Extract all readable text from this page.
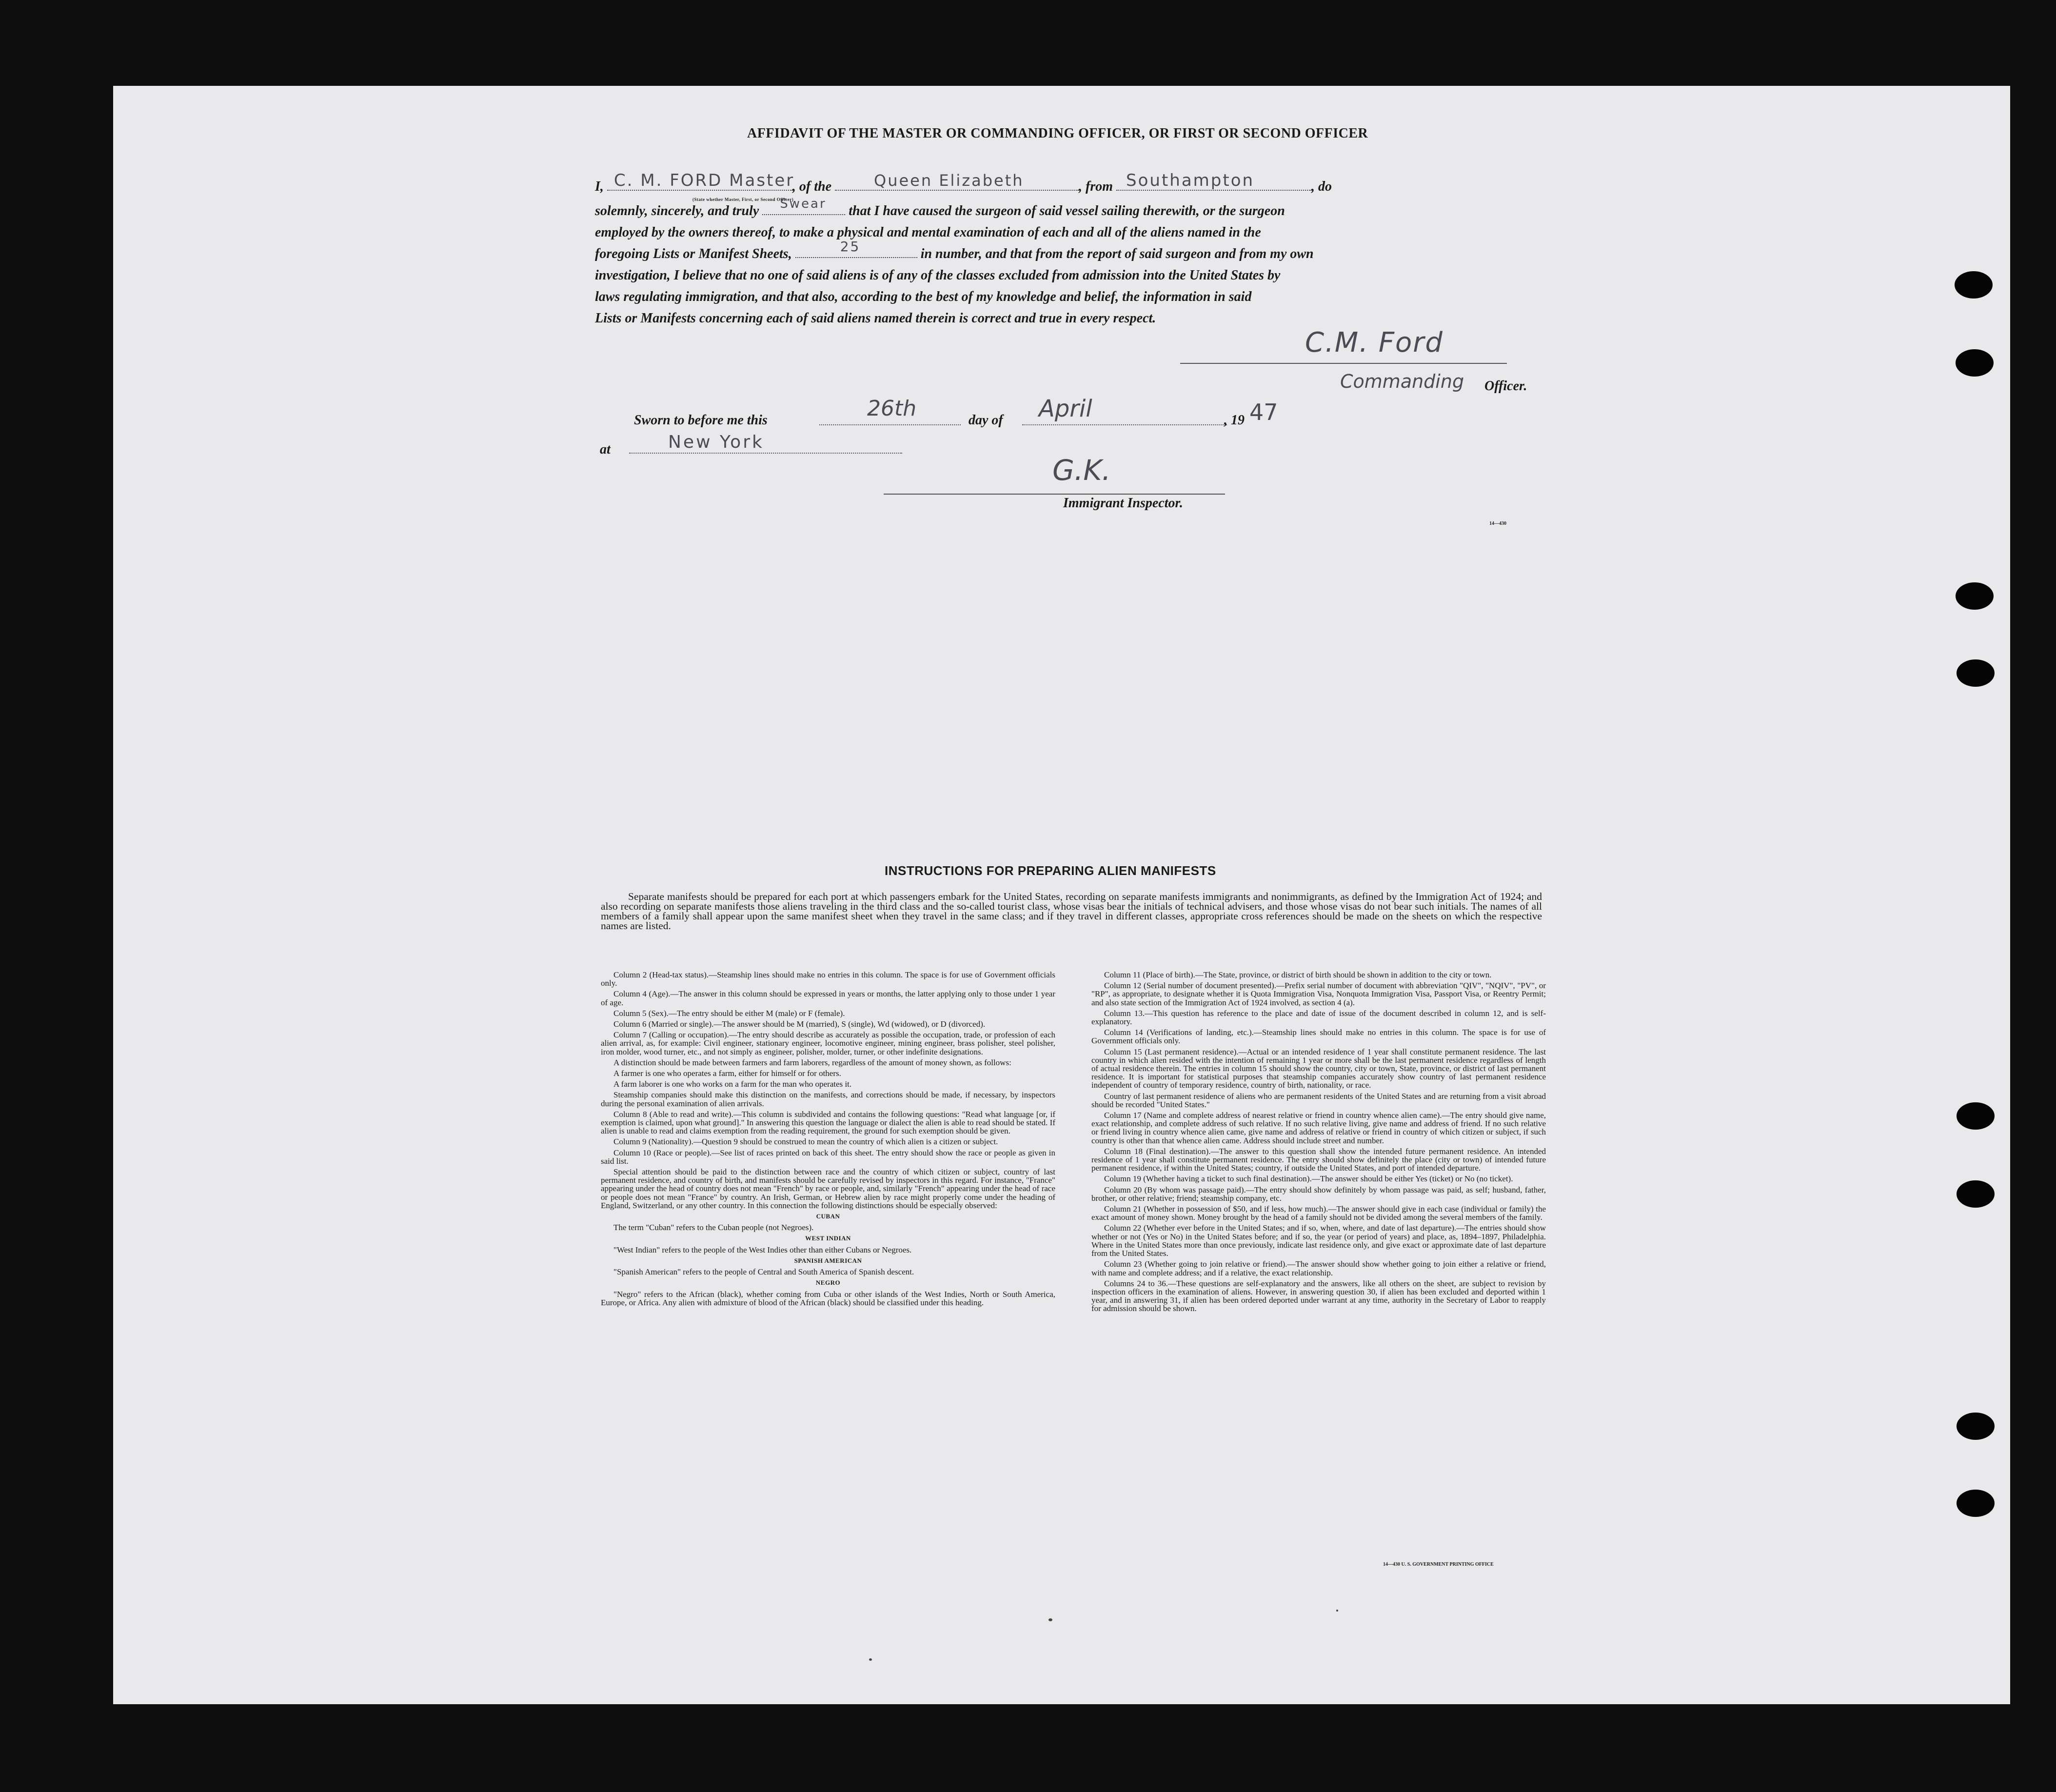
AFFIDAVIT OF THE MASTER OR COMMANDING OFFICER, OR FIRST OR SECOND OFFICER
I, C. M. FORD Master
, of the	Queen Elizabeth	, from Southampton	, do
(State whether Master, First, or Second Officer)
solemnly, sincerely, and truly Swear that I have caused the surgeon of said vessel sailing therewith, or the surgeon
employed by the owners thereof, to make a physical and mental examination of each and all of the aliens named in the
foregoing Lists or Manifest Sheets,	25	in number, and that from the report of said surgeon and from my own
investigation, I believe that no one of said aliens is of any of the classes excluded from admission into the United States by
laws regulating immigration, and that also, according to the best of my knowledge and belief, the information in said
Lists or Manifests concerning each of said aliens named therein is correct and true in every respect.
C.M. Ford
Commanding Officer.
Sworn to before me this	26th	day of April	, 19 47
at	New York
G.K.
Immigrant Inspector.
14—430
INSTRUCTIONS FOR PREPARING ALIEN MANIFESTS
Separate manifests should be prepared for each port at which passengers embark for the United States, recording on separate manifests immigrants and nonimmigrants, as defined by the Immigration Act of 1924; and also recording on separate manifests those aliens traveling in the third class and the so-called tourist class, whose visas bear the initials of technical advisers, and those whose visas do not bear such initials. The names of all members of a family shall appear upon the same manifest sheet when they travel in the same class; and if they travel in different classes, appropriate cross references should be made on the sheets on which the respective names are listed.

Column 2 (Head-tax status).—Steamship lines should make no entries in this column. The space is for use of Government officials only.

Column 4 (Age).—The answer in this column should be expressed in years or months, the latter applying only to those under 1 year of age.

Column 5 (Sex).—The entry should be either M (male) or F (female).

Column 6 (Married or single).—The answer should be M (married), S (single), Wd (widowed), or D (divorced).

Column 7 (Calling or occupation).—The entry should describe as accurately as possible the occupation, trade, or profession of each alien arrival, as, for example: Civil engineer, stationary engineer, locomotive engineer, mining engineer, brass polisher, steel polisher, iron molder, wood turner, etc., and not simply as engineer, polisher, molder, turner, or other indefinite designations.

A distinction should be made between farmers and farm laborers, regardless of the amount of money shown, as follows:

A farmer is one who operates a farm, either for himself or for others.

A farm laborer is one who works on a farm for the man who operates it.

Steamship companies should make this distinction on the manifests, and corrections should be made, if necessary, by inspectors during the personal examination of alien arrivals.

Column 8 (Able to read and write).—This column is subdivided and contains the following questions: "Read what language [or, if exemption is claimed, upon what ground]." In answering this question the language or dialect the alien is able to read should be stated. If alien is unable to read and claims exemption from the reading requirement, the ground for such exemption should be given.

Column 9 (Nationality).—Question 9 should be construed to mean the country of which alien is a citizen or subject.

Column 10 (Race or people).—See list of races printed on back of this sheet. The entry should show the race or people as given in said list.

Special attention should be paid to the distinction between race and the country of which citizen or subject, country of last permanent residence, and country of birth, and manifests should be carefully revised by inspectors in this regard. For instance, "France" appearing under the head of country does not mean "French" by race or people, and, similarly "French" appearing under the head of race or people does not mean "France" by country. An Irish, German, or Hebrew alien by race might properly come under the heading of England, Switzerland, or any other country. In this connection the following distinctions should be especially observed:

CUBAN

The term "Cuban" refers to the Cuban people (not Negroes).

WEST INDIAN

"West Indian" refers to the people of the West Indies other than either Cubans or Negroes.

SPANISH AMERICAN

"Spanish American" refers to the people of Central and South America of Spanish descent.

NEGRO

"Negro" refers to the African (black), whether coming from Cuba or other islands of the West Indies, North or South America, Europe, or Africa. Any alien with admixture of blood of the African (black) should be classified under this heading.

Column 11 (Place of birth).—The State, province, or district of birth should be shown in addition to the city or town.

Column 12 (Serial number of document presented).—Prefix serial number of document with abbreviation "QIV", "NQIV", "PV", or "RP", as appropriate, to designate whether it is Quota Immigration Visa, Nonquota Immigration Visa, Passport Visa, or Reentry Permit; and also state section of the Immigration Act of 1924 involved, as section 4 (a).

Column 13.—This question has reference to the place and date of issue of the document described in column 12, and is self-explanatory.

Column 14 (Verifications of landing, etc.).—Steamship lines should make no entries in this column. The space is for use of Government officials only.

Column 15 (Last permanent residence).—Actual or an intended residence of 1 year shall constitute permanent residence. The last country in which alien resided with the intention of remaining 1 year or more shall be the last permanent residence regardless of length of actual residence therein. The entries in column 15 should show the country, city or town, State, province, or district of last permanent residence. It is important for statistical purposes that steamship companies accurately show country of last permanent residence independent of country of temporary residence, country of birth, nationality, or race.

Country of last permanent residence of aliens who are permanent residents of the United States and are returning from a visit abroad should be recorded "United States."

Column 17 (Name and complete address of nearest relative or friend in country whence alien came).—The entry should give name, exact relationship, and complete address of such relative. If no such relative living, give name and address of friend. If no such relative or friend living in country whence alien came, give name and address of relative or friend in country of which citizen or subject, if such country is other than that whence alien came. Address should include street and number.

Column 18 (Final destination).—The answer to this question shall show the intended future permanent residence. An intended residence of 1 year shall constitute permanent residence. The entry should show definitely the place (city or town) of intended future permanent residence, if within the United States; country, if outside the United States, and port of intended departure.

Column 19 (Whether having a ticket to such final destination).—The answer should be either Yes (ticket) or No (no ticket).

Column 20 (By whom was passage paid).—The entry should show definitely by whom passage was paid, as self; husband, father, brother, or other relative; friend; steamship company, etc.

Column 21 (Whether in possession of $50, and if less, how much).—The answer should give in each case (individual or family) the exact amount of money shown. Money brought by the head of a family should not be divided among the several members of the family.

Column 22 (Whether ever before in the United States; and if so, when, where, and date of last departure).—The entries should show whether or not (Yes or No) in the United States before; and if so, the year (or period of years) and place, as, 1894–1897, Philadelphia. Where in the United States more than once previously, indicate last residence only, and give exact or approximate date of last departure from the United States.

Column 23 (Whether going to join relative or friend).—The answer should show whether going to join either a relative or friend, with name and complete address; and if a relative, the exact relationship.

Columns 24 to 36.—These questions are self-explanatory and the answers, like all others on the sheet, are subject to revision by inspection officers in the examination of aliens. However, in answering question 30, if alien has been excluded and deported within 1 year, and in answering 31, if alien has been ordered deported under warrant at any time, authority in the Secretary of Labor to reapply for admission should be shown.

14—430 U. S. GOVERNMENT PRINTING OFFICE
